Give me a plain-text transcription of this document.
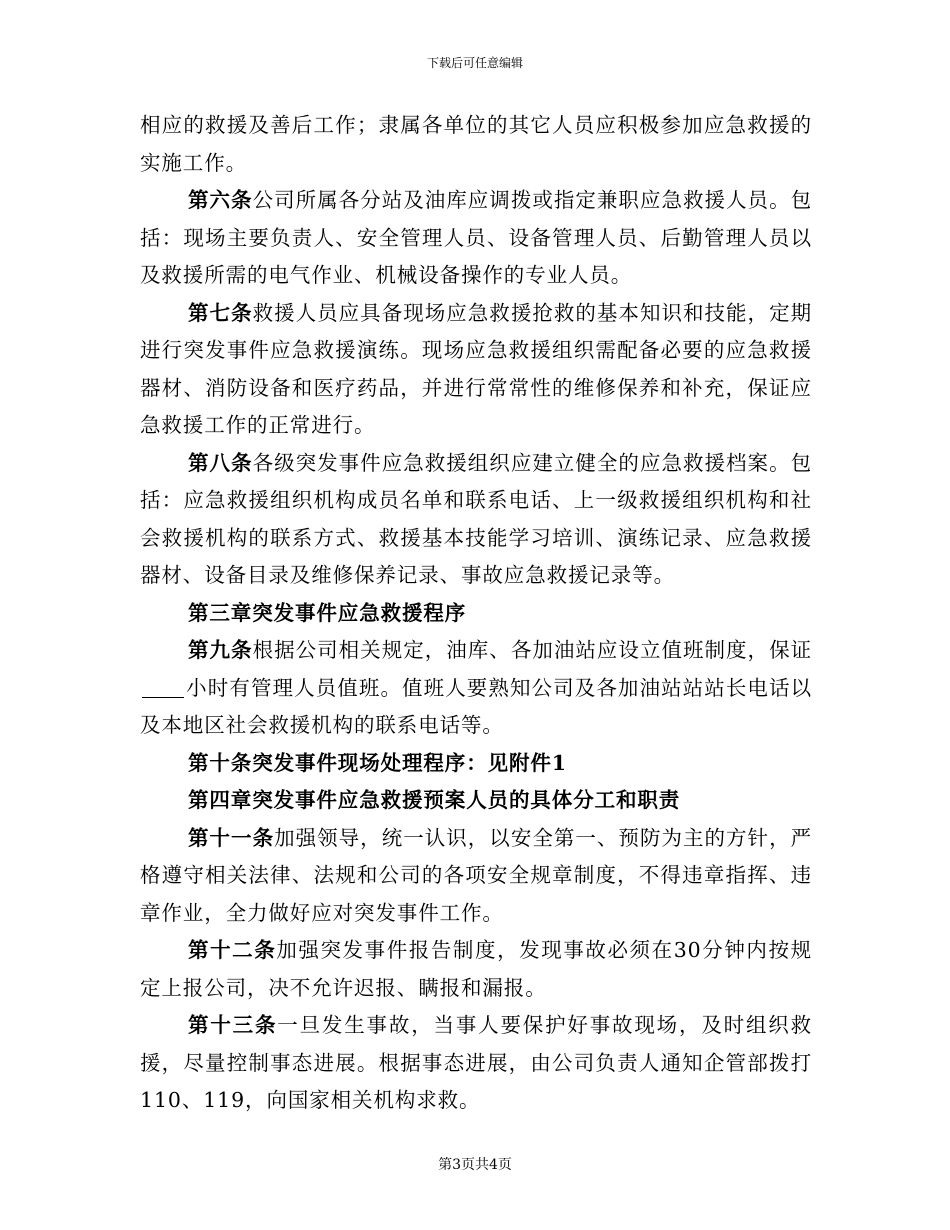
下载后可任意编辑

相应的救援及善后工作；隶属各单位的其它人员应积极参加应急救援的实施工作。

第六条公司所属各分站及油库应调拨或指定兼职应急救援人员。包括：现场主要负责人、安全管理人员、设备管理人员、后勤管理人员以及救援所需的电气作业、机械设备操作的专业人员。

第七条救援人员应具备现场应急救援抢救的基本知识和技能，定期进行突发事件应急救援演练。现场应急救援组织需配备必要的应急救援器材、消防设备和医疗药品，并进行常常性的维修保养和补充，保证应急救援工作的正常进行。

第八条各级突发事件应急救援组织应建立健全的应急救援档案。包括：应急救援组织机构成员名单和联系电话、上一级救援组织机构和社会救援机构的联系方式、救援基本技能学习培训、演练记录、应急救援器材、设备目录及维修保养记录、事故应急救援记录等。

第三章突发事件应急救援程序

第九条根据公司相关规定，油库、各加油站应设立值班制度，保证小时有管理人员值班。值班人要熟知公司及各加油站站站长电话以及本地区社会救援机构的联系电话等。

第十条突发事件现场处理程序：见附件1

第四章突发事件应急救援预案人员的具体分工和职责

第十一条加强领导，统一认识，以安全第一、预防为主的方针，严格遵守相关法律、法规和公司的各项安全规章制度，不得违章指挥、违章作业，全力做好应对突发事件工作。

第十二条加强突发事件报告制度，发现事故必须在30分钟内按规定上报公司，决不允许迟报、瞒报和漏报。

第十三条一旦发生事故，当事人要保护好事故现场，及时组织救援，尽量控制事态进展。根据事态进展，由公司负责人通知企管部拨打110、119，向国家相关机构求救。

第3页共4页
